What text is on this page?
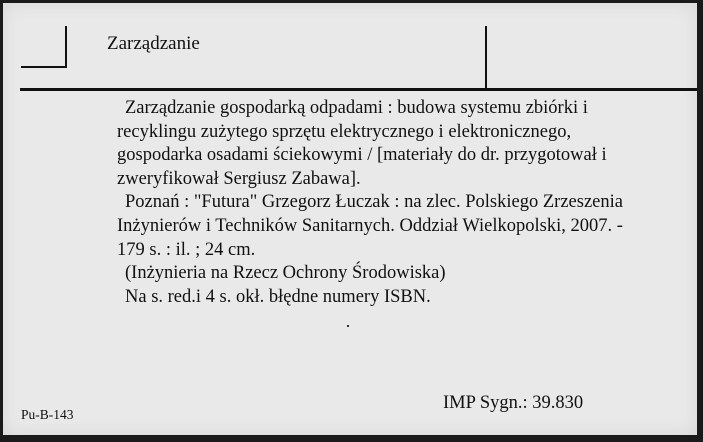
Zarządzanie
Zarządzanie gospodarką odpadami : budowa systemu zbiórki i recyklingu zużytego sprzętu elektrycznego i elektronicznego, gospodarka osadami ściekowymi / [materiały do dr. przygotował i zweryfikował Sergiusz Zabawa].
Poznań : "Futura" Grzegorz Łuczak : na zlec. Polskiego Zrzeszenia Inżynierów i Techników Sanitarnych. Oddział Wielkopolski, 2007. - 179 s. : il. ; 24 cm.
(Inżynieria na Rzecz Ochrony Środowiska)
Na s. red.i 4 s. okł. błędne numery ISBN.
Pu-B-143
IMP Sygn.: 39.830
